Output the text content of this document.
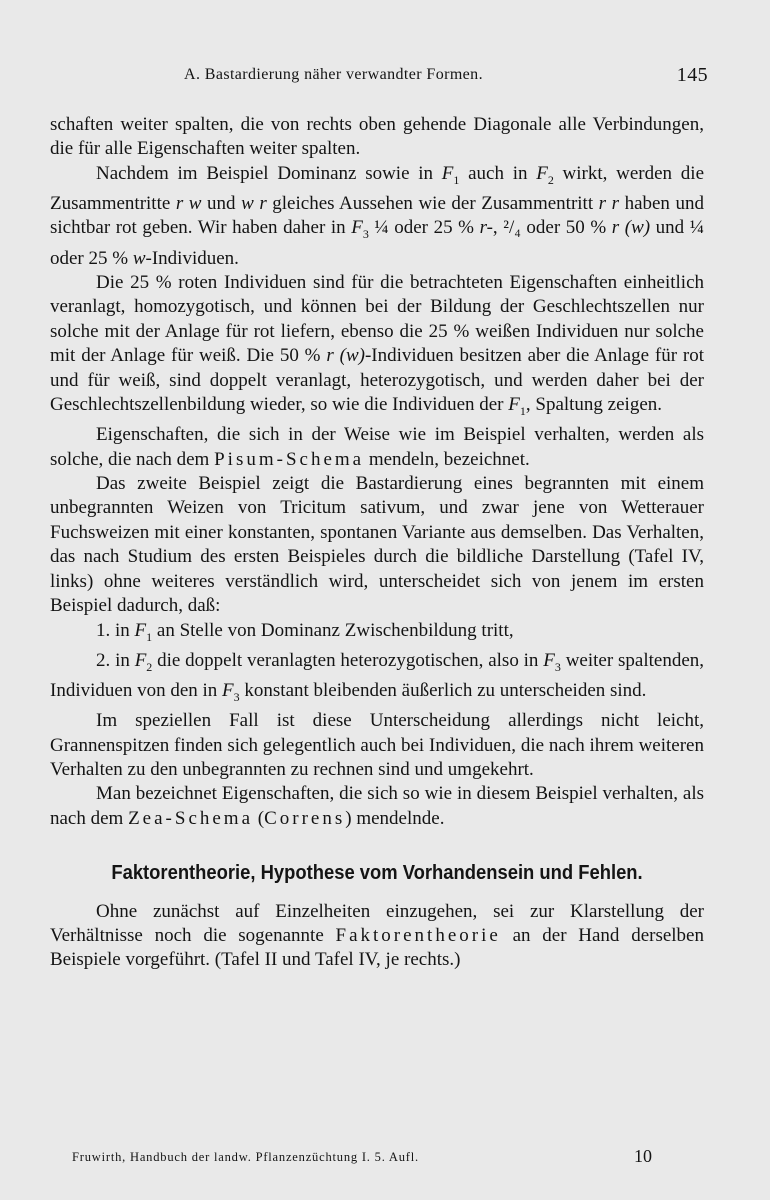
A. Bastardierung näher verwandter Formen.	145

schaften weiter spalten, die von rechts oben gehende Diagonale alle Verbindungen, die für alle Eigenschaften weiter spalten.

Nachdem im Beispiel Dominanz sowie in $F_1$ auch in $F_2$ wirkt, werden die Zusammentritte r w und w r gleiches Aussehen wie der Zusammentritt r r haben und sichtbar rot geben. Wir haben daher in $F_3$ ¼ oder 25 % r-, ²/₄ oder 50 % r (w) und ¼ oder 25 % w-Individuen.

Die 25 % roten Individuen sind für die betrachteten Eigenschaften einheitlich veranlagt, homozygotisch, und können bei der Bildung der Geschlechtszellen nur solche mit der Anlage für rot liefern, ebenso die 25 % weißen Individuen nur solche mit der Anlage für weiß. Die 50 % r (w)-Individuen besitzen aber die Anlage für rot und für weiß, sind doppelt veranlagt, heterozygotisch, und werden daher bei der Geschlechtszellenbildung wieder, so wie die Individuen der $F_1$, Spaltung zeigen.

Eigenschaften, die sich in der Weise wie im Beispiel verhalten, werden als solche, die nach dem Pisum-Schema mendeln, bezeichnet.

Das zweite Beispiel zeigt die Bastardierung eines begrannten mit einem unbegrannten Weizen von Tricitum sativum, und zwar jene von Wetterauer Fuchsweizen mit einer konstanten, spontanen Variante aus demselben. Das Verhalten, das nach Studium des ersten Beispieles durch die bildliche Darstellung (Tafel IV, links) ohne weiteres verständlich wird, unterscheidet sich von jenem im ersten Beispiel dadurch, daß:

1. in $F_1$ an Stelle von Dominanz Zwischenbildung tritt,

2. in $F_2$ die doppelt veranlagten heterozygotischen, also in $F_3$ weiter spaltenden, Individuen von den in $F_3$ konstant bleibenden äußerlich zu unterscheiden sind.

Im speziellen Fall ist diese Unterscheidung allerdings nicht leicht, Grannenspitzen finden sich gelegentlich auch bei Individuen, die nach ihrem weiteren Verhalten zu den unbegrannten zu rechnen sind und umgekehrt.

Man bezeichnet Eigenschaften, die sich so wie in diesem Beispiel verhalten, als nach dem Zea-Schema (Correns) mendelnde.

Faktorentheorie, Hypothese vom Vorhandensein und Fehlen.

Ohne zunächst auf Einzelheiten einzugehen, sei zur Klarstellung der Verhältnisse noch die sogenannte Faktorentheorie an der Hand derselben Beispiele vorgeführt. (Tafel II und Tafel IV, je rechts.)

Fruwirth, Handbuch der landw. Pflanzenzüchtung I. 5. Aufl.	10
